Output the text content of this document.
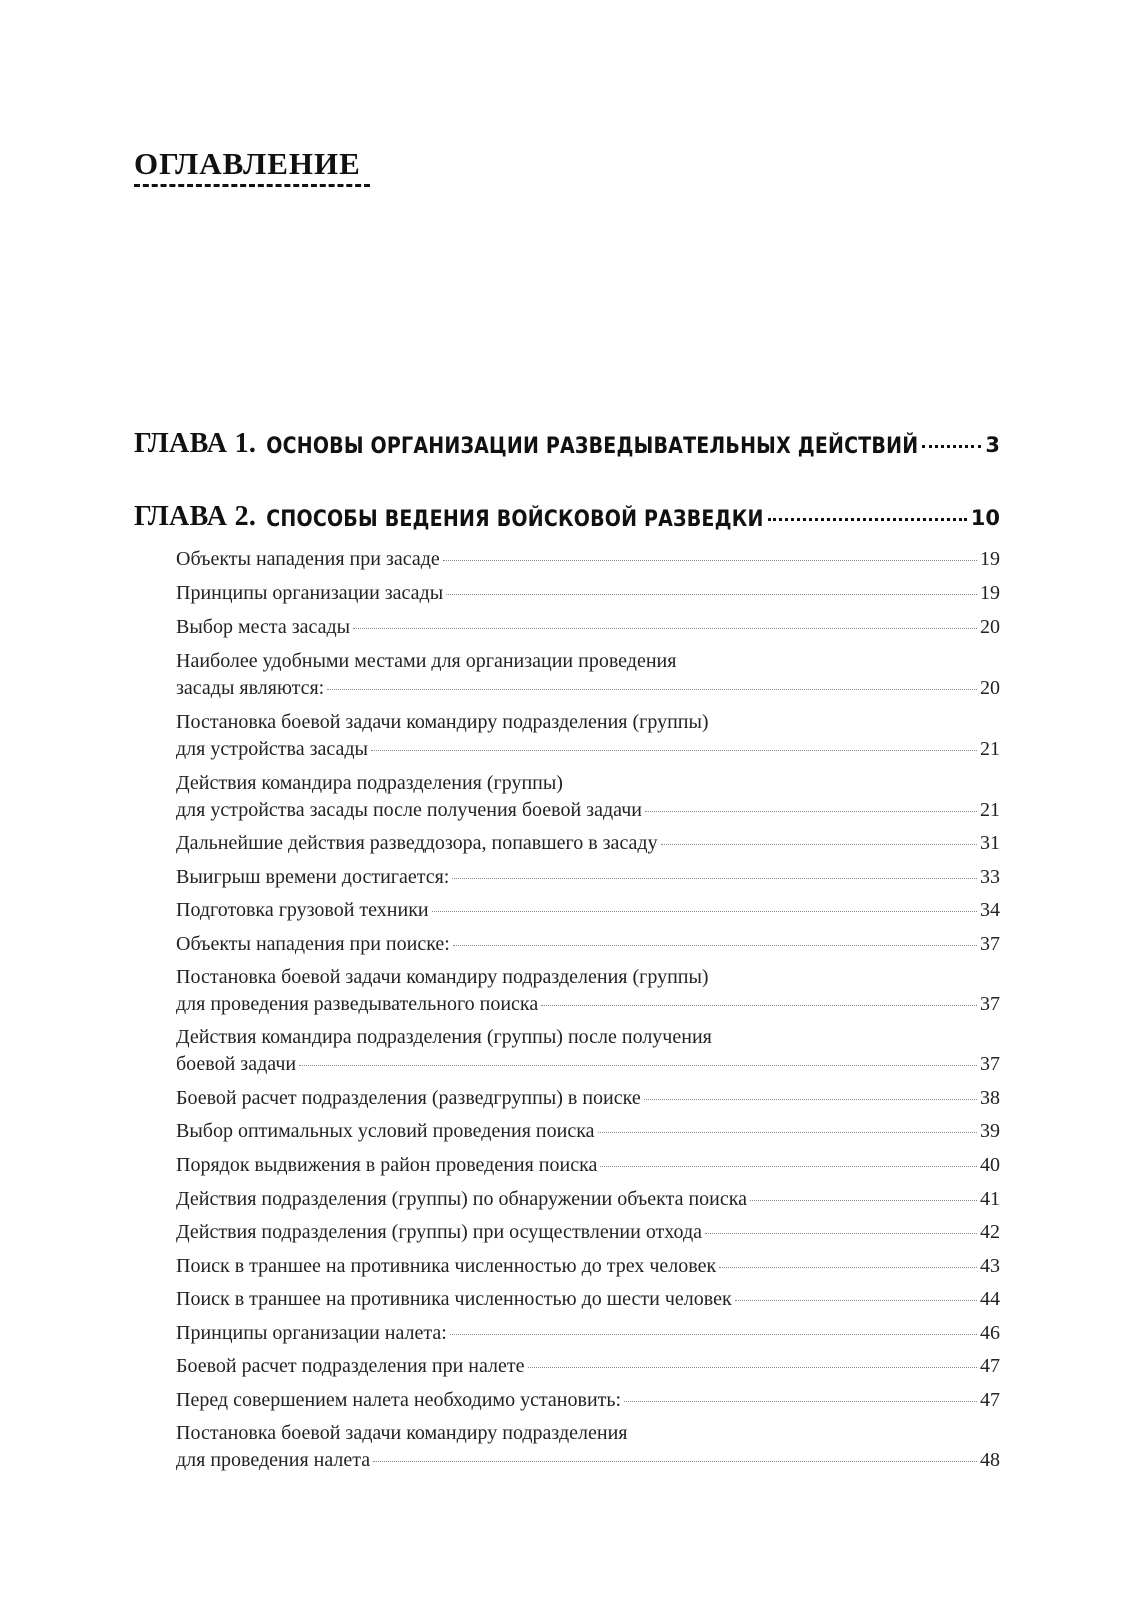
ОГЛАВЛЕНИЕ
ГЛАВА 1. ОСНОВЫ ОРГАНИЗАЦИИ РАЗВЕДЫВАТЕЛЬНЫХ ДЕЙСТВИЙ	3
ГЛАВА 2. СПОСОБЫ ВЕДЕНИЯ ВОЙСКОВОЙ РАЗВЕДКИ	10
Объекты нападения при засаде	19
Принципы организации засады	19
Выбор места засады	20
Наиболее удобными местами для организации проведения
засады являются:	20
Постановка боевой задачи командиру подразделения (группы)
для устройства засады	21
Действия командира подразделения (группы)
для устройства засады после получения боевой задачи	21
Дальнейшие действия разведдозора, попавшего в засаду	31
Выигрыш времени достигается:	33
Подготовка грузовой техники	34
Объекты нападения при поиске:	37
Постановка боевой задачи командиру подразделения (группы)
для проведения разведывательного поиска	37
Действия командира подразделения (группы) после получения
боевой задачи	37
Боевой расчет подразделения (разведгруппы) в поиске	38
Выбор оптимальных условий проведения поиска	39
Порядок выдвижения в район проведения поиска	40
Действия подразделения (группы) по обнаружении объекта поиска	41
Действия подразделения (группы) при осуществлении отхода	42
Поиск в траншее на противника численностью до трех человек	43
Поиск в траншее на противника численностью до шести человек	44
Принципы организации налета:	46
Боевой расчет подразделения при налете	47
Перед совершением налета необходимо установить:	47
Постановка боевой задачи командиру подразделения
для проведения налета	48
